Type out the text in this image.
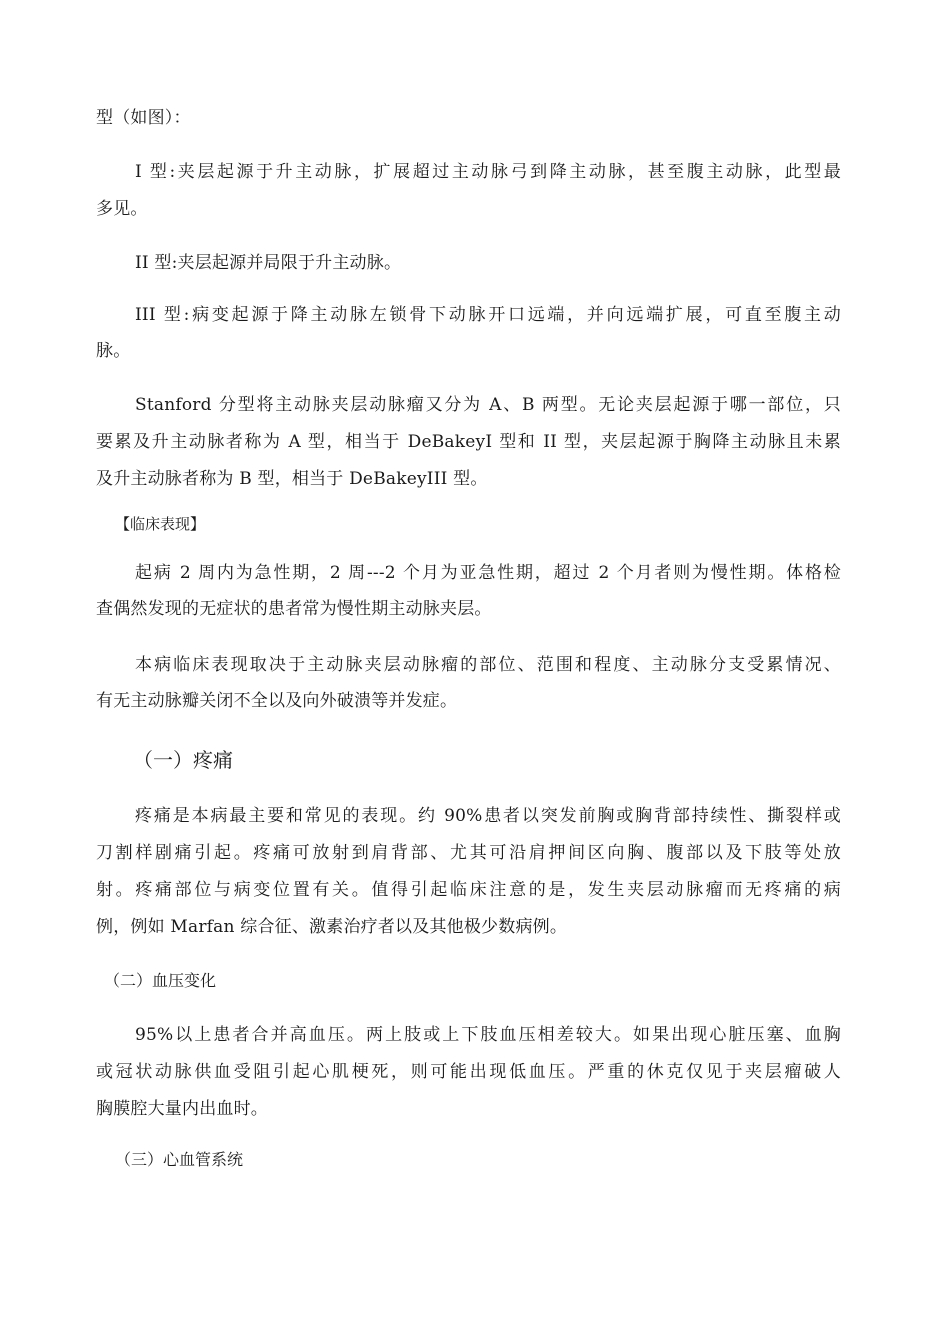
型（如图）：
I 型:夹层起源于升主动脉，扩展超过主动脉弓到降主动脉，甚至腹主动脉，此型最
多见。
II 型:夹层起源并局限于升主动脉。
III 型:病变起源于降主动脉左锁骨下动脉开口远端，并向远端扩展，可直至腹主动
脉。
Stanford 分型将主动脉夹层动脉瘤又分为 A、B 两型。无论夹层起源于哪一部位，只
要累及升主动脉者称为 A 型，相当于 DeBakeyI 型和 II 型，夹层起源于胸降主动脉且未累
及升主动脉者称为 B 型，相当于 DeBakeyIII 型。
【临床表现】
起病 2 周内为急性期，2 周---2 个月为亚急性期，超过 2 个月者则为慢性期。体格检
查偶然发现的无症状的患者常为慢性期主动脉夹层。
本病临床表现取决于主动脉夹层动脉瘤的部位、范围和程度、主动脉分支受累情况、
有无主动脉瓣关闭不全以及向外破溃等并发症。
（一）疼痛
疼痛是本病最主要和常见的表现。约 90%患者以突发前胸或胸背部持续性、撕裂样或
刀割样剧痛引起。疼痛可放射到肩背部、尤其可沿肩押间区向胸、腹部以及下肢等处放
射。疼痛部位与病变位置有关。值得引起临床注意的是，发生夹层动脉瘤而无疼痛的病
例，例如 Marfan 综合征、激素治疗者以及其他极少数病例。
（二）血压变化
95%以上患者合并高血压。两上肢或上下肢血压相差较大。如果出现心脏压塞、血胸
或冠状动脉供血受阻引起心肌梗死，则可能出现低血压。严重的休克仅见于夹层瘤破人
胸膜腔大量内出血时。
（三）心血管系统
